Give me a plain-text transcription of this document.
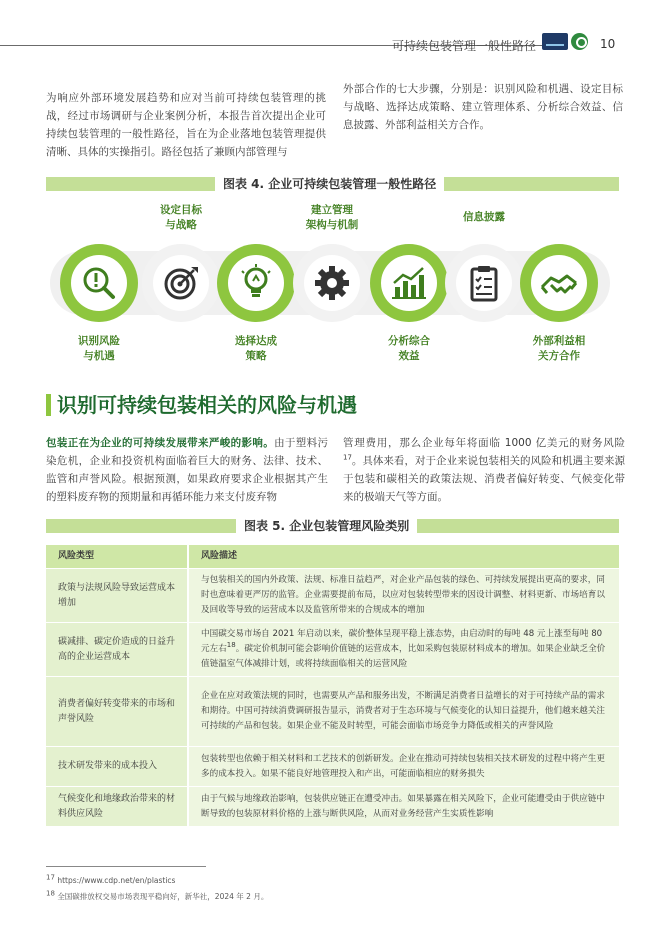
可持续包装管理一般性路径	10

为响应外部环境发展趋势和应对当前可持续包装管理的挑战，经过市场调研与企业案例分析，本报告首次提出企业可持续包装管理的一般性路径，旨在为企业落地包装管理提供清晰、具体的实操指引。路径包括了兼顾内部管理与

外部合作的七大步骤，分别是：识别风险和机遇、设定目标与战略、选择达成策略、建立管理体系、分析综合效益、信息披露、外部利益相关方合作。

图表 4. 企业可持续包装管理一般性路径
识别风险
与机遇
设定目标
与战略
选择达成
策略
建立管理
架构与机制
分析综合
效益
信息披露
外部利益相
关方合作
识别可持续包装相关的风险与机遇

包装正在为企业的可持续发展带来严峻的影响。由于塑料污染危机，企业和投资机构面临着巨大的财务、法律、技术、监管和声誉风险。根据预测，如果政府要求企业根据其产生的塑料废弃物的预期量和再循环能力来支付废弃物

管理费用，那么企业每年将面临 1000 亿美元的财务风险$^{17}$。具体来看，对于企业来说包装相关的风险和机遇主要来源于包装和碳相关的政策法规、消费者偏好转变、气候变化带来的极端天气等方面。

图表 5. 企业包装管理风险类别
风险类型	风险描述
政策与法规风险导致运营成本增加
与包装相关的国内外政策、法规、标准日益趋严，对企业产品包装的绿色、可持续发展提出更高的要求，同时也意味着更严厉的监管。企业需要提前布局，以应对包装转型带来的因设计调整、材料更新、市场培育以及回收等导致的运营成本以及监管所带来的合规成本的增加
碳减排、碳定价造成的日益升高的企业运营成本
中国碳交易市场自 2021 年启动以来，碳价整体呈现平稳上涨态势，由启动时的每吨 48 元上涨至每吨 80 元左右$^{18}$。碳定价机制可能会影响价值链的运营成本，比如采购包装原材料成本的增加。如果企业缺乏全价值链温室气体减排计划，或将持续面临相关的运营风险
消费者偏好转变带来的市场和声誉风险
企业在应对政策法规的同时，也需要从产品和服务出发，不断满足消费者日益增长的对于可持续产品的需求和期待。中国可持续消费调研报告显示，消费者对于生态环境与气候变化的认知日益提升，他们越来越关注可持续的产品和包装。如果企业不能及时转型，可能会面临市场竞争力降低或相关的声誉风险
技术研发带来的成本投入
包装转型也依赖于相关材料和工艺技术的创新研发。企业在推动可持续包装相关技术研发的过程中将产生更多的成本投入。如果不能良好地管理投入和产出，可能面临相应的财务损失
气候变化和地缘政治带来的材料供应风险
由于气候与地缘政治影响，包装供应链正在遭受冲击。如果暴露在相关风险下，企业可能遭受由于供应链中断导致的包装原材料价格的上涨与断供风险，从而对业务经营产生实质性影响
$^{17}$ https://www.cdp.net/en/plastics
$^{18}$ 全国碳排放权交易市场表现平稳向好，新华社，2024 年 2 月。
